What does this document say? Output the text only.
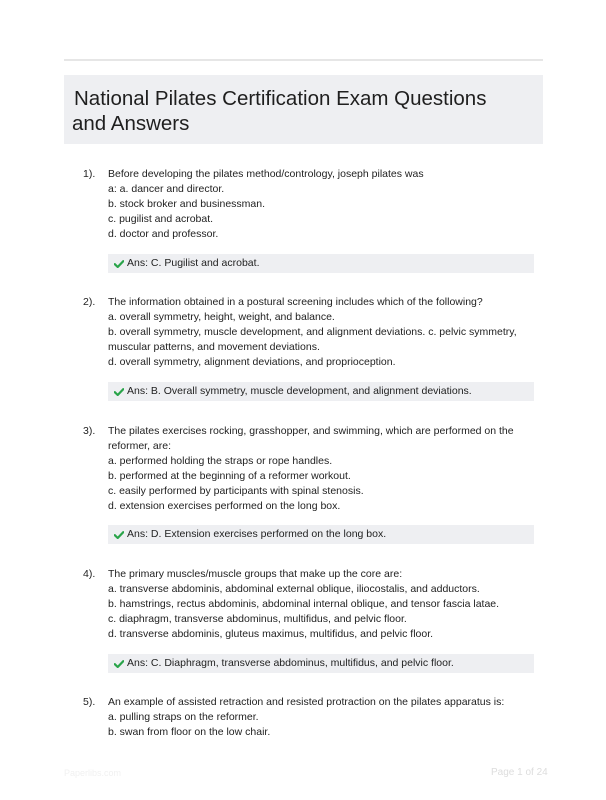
National Pilates Certification Exam Questions
and Answers
1). Before developing the pilates method/contrology, joseph pilates was
a: a. dancer and director.
b. stock broker and businessman.
c. pugilist and acrobat.
d. doctor and professor.
Ans: C. Pugilist and acrobat.
2). The information obtained in a postural screening includes which of the following?
a. overall symmetry, height, weight, and balance.
b. overall symmetry, muscle development, and alignment deviations. c. pelvic symmetry,
muscular patterns, and movement deviations.
d. overall symmetry, alignment deviations, and proprioception.
Ans: B. Overall symmetry, muscle development, and alignment deviations.
3). The pilates exercises rocking, grasshopper, and swimming, which are performed on the
reformer, are:
a. performed holding the straps or rope handles.
b. performed at the beginning of a reformer workout.
c. easily performed by participants with spinal stenosis.
d. extension exercises performed on the long box.
Ans: D. Extension exercises performed on the long box.
4). The primary muscles/muscle groups that make up the core are:
a. transverse abdominis, abdominal external oblique, iliocostalis, and adductors.
b. hamstrings, rectus abdominis, abdominal internal oblique, and tensor fascia latae.
c. diaphragm, transverse abdominus, multifidus, and pelvic floor.
d. transverse abdominis, gluteus maximus, multifidus, and pelvic floor.
Ans: C. Diaphragm, transverse abdominus, multifidus, and pelvic floor.
5). An example of assisted retraction and resisted protraction on the pilates apparatus is:
a. pulling straps on the reformer.
b. swan from floor on the low chair.
Paperlibs.com	Page 1 of 24
